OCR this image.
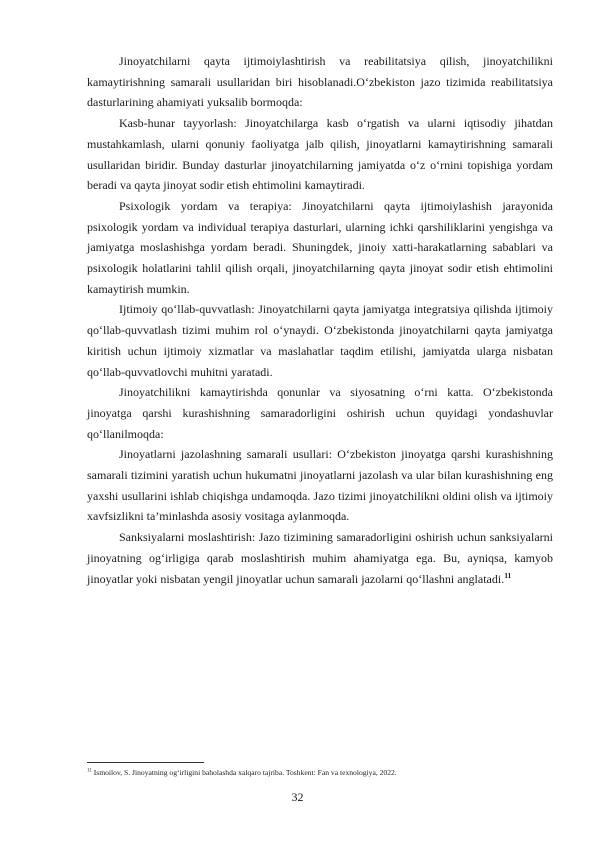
Jinoyatchilarni qayta ijtimoiylashtirish va reabilitatsiya qilish, jinoyatchilikni kamaytirishning samarali usullaridan biri hisoblanadi.O‘zbekiston jazo tizimida reabilitatsiya dasturlarining ahamiyati yuksalib bormoqda:

Kasb-hunar tayyorlash: Jinoyatchilarga kasb o‘rgatish va ularni iqtisodiy jihatdan mustahkamlash, ularni qonuniy faoliyatga jalb qilish, jinoyatlarni kamaytirishning samarali usullaridan biridir. Bunday dasturlar jinoyatchilarning jamiyatda o‘z o‘rnini topishiga yordam beradi va qayta jinoyat sodir etish ehtimolini kamaytiradi.

Psixologik yordam va terapiya: Jinoyatchilarni qayta ijtimoiylashish jarayonida psixologik yordam va individual terapiya dasturlari, ularning ichki qarshiliklarini yengishga va jamiyatga moslashishga yordam beradi. Shuningdek, jinoiy xatti-harakatlarning sabablari va psixologik holatlarini tahlil qilish orqali, jinoyatchilarning qayta jinoyat sodir etish ehtimolini kamaytirish mumkin.

Ijtimoiy qo‘llab-quvvatlash: Jinoyatchilarni qayta jamiyatga integratsiya qilishda ijtimoiy qo‘llab-quvvatlash tizimi muhim rol o‘ynaydi. O‘zbekistonda jinoyatchilarni qayta jamiyatga kiritish uchun ijtimoiy xizmatlar va maslahatlar taqdim etilishi, jamiyatda ularga nisbatan qo‘llab-quvvatlovchi muhitni yaratadi.

Jinoyatchilikni kamaytirishda qonunlar va siyosatning o‘rni katta. O‘zbekistonda jinoyatga qarshi kurashishning samaradorligini oshirish uchun quyidagi yondashuvlar qo‘llanilmoqda:

Jinoyatlarni jazolashning samarali usullari: O‘zbekiston jinoyatga qarshi kurashishning samarali tizimini yaratish uchun hukumatni jinoyatlarni jazolash va ular bilan kurashishning eng yaxshi usullarini ishlab chiqishga undamoqda. Jazo tizimi jinoyatchilikni oldini olish va ijtimoiy xavfsizlikni ta’minlashda asosiy vositaga aylanmoqda.

Sanksiyalarni moslashtirish: Jazo tizimining samaradorligini oshirish uchun sanksiyalarni jinoyatning og‘irligiga qarab moslashtirish muhim ahamiyatga ega. Bu, ayniqsa, kamyob jinoyatlar yoki nisbatan yengil jinoyatlar uchun samarali jazolarni qo‘llashni anglatadi.$^{11}$

$^{11}$ Ismoilov, S. Jinoyatning og‘irligini baholashda xalqaro tajriba. Toshkent: Fan va texnologiya, 2022.
32
